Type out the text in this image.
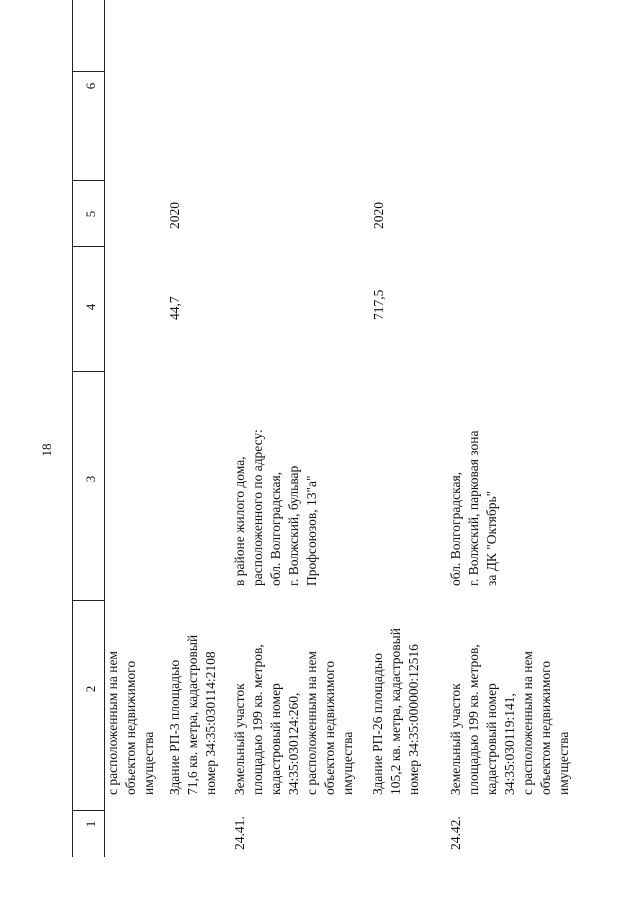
18
1
2
3
4
5
6
с расположенным на нем
объектом недвижимого
имущества Здание РП-3 площадью
71,6 кв. метра, кадастровый
номер 34:35:030114:2108
44,7
2020
24.41.
Земельный участок
площадью 199 кв. метров,
кадастровый номер
34:35:030124:260,
с расположенным на нем
объектом недвижимого
имущества
в районе жилого дома,
расположенного по адресу:
обл. Волгоградская,
г. Волжский, бульвар
Профсоюзов, 13"а"
Здание РП-26 площадью
105,2 кв. метра, кадастровый
номер 34:35:000000:12516
717,5
2020
24.42.
Земельный участок
площадью 199 кв. метров,
кадастровый номер
34:35:030119:141,
с расположенным на нем
объектом недвижимого
имущества
обл. Волгоградская,
г. Волжский, парковая зона
за ДК "Октябрь"
